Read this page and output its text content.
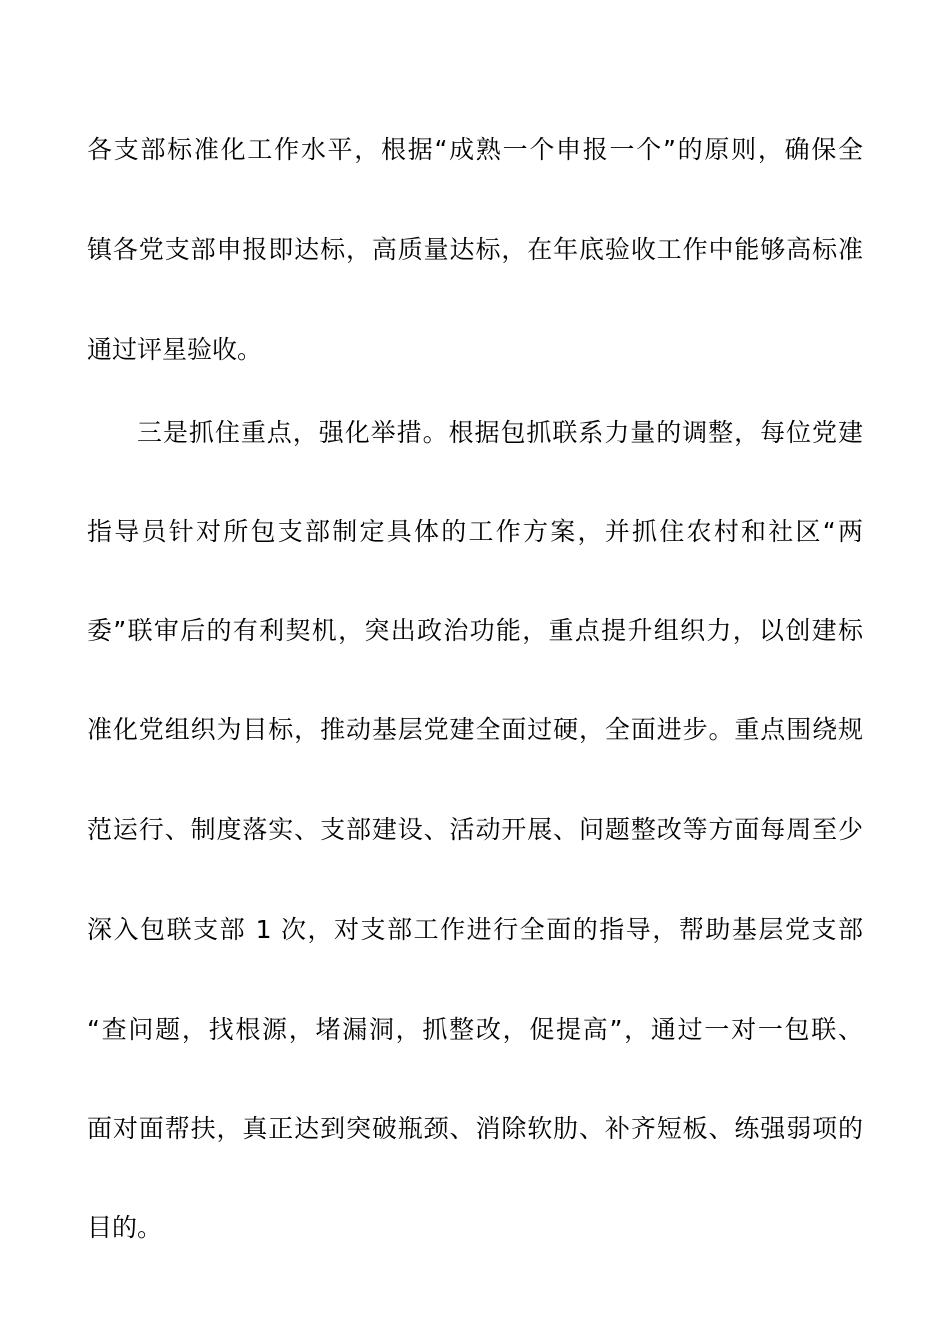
各支部标准化工作水平，根据“成熟一个申报一个”的原则，确保全
镇各党支部申报即达标，高质量达标，在年底验收工作中能够高标准
通过评星验收。
三是抓住重点，强化举措。根据包抓联系力量的调整，每位党建
指导员针对所包支部制定具体的工作方案，并抓住农村和社区“两
委”联审后的有利契机，突出政治功能，重点提升组织力，以创建标
准化党组织为目标，推动基层党建全面过硬，全面进步。重点围绕规
范运行、制度落实、支部建设、活动开展、问题整改等方面每周至少
深入包联支部 1 次，对支部工作进行全面的指导，帮助基层党支部
“查问题，找根源，堵漏洞，抓整改，促提高”，通过一对一包联、
面对面帮扶，真正达到突破瓶颈、消除软肋、补齐短板、练强弱项的
目的。
